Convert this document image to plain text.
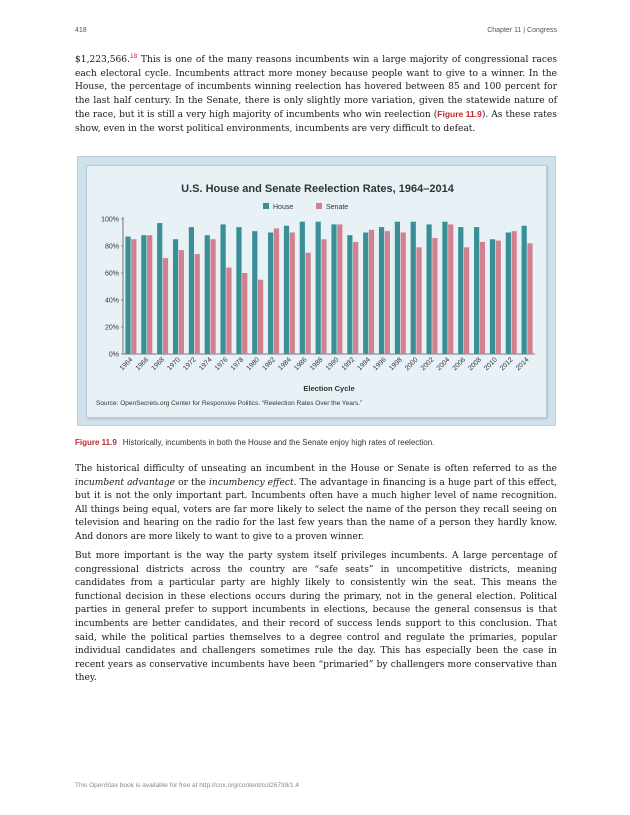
418	Chapter 11 | Congress

$1,223,566.18 This is one of the many reasons incumbents win a large majority of congressional races each electoral cycle. Incumbents attract more money because people want to give to a winner. In the House, the percentage of incumbents winning reelection has hovered between 85 and 100 percent for the last half century. In the Senate, there is only slightly more variation, given the statewide nature of the race, but it is still a very high majority of incumbents who win reelection (Figure 11.9). As these rates show, even in the worst political environments, incumbents are very difficult to defeat.

U.S. House and Senate Reelection Rates, 1964–2014
House	Senate
0%
20%
40%
60%
80%
100%
1964 1966 1968 1970 1972 1974 1976 1978 1980 1982 1984 1986 1988 1990 1992 1994 1996 1998 2000 2002 2004 2006 2008 2010 2012 2014
Election Cycle
Source: OpenSecrets.org Center for Responsive Politics. “Reelection Rates Over the Years.”
Figure 11.9 Historically, incumbents in both the House and the Senate enjoy high rates of reelection.

The historical difficulty of unseating an incumbent in the House or Senate is often referred to as the incumbent advantage or the incumbency effect. The advantage in financing is a huge part of this effect, but it is not the only important part. Incumbents often have a much higher level of name recognition. All things being equal, voters are far more likely to select the name of the person they recall seeing on television and hearing on the radio for the last few years than the name of a person they hardly know. And donors are more likely to want to give to a proven winner.

But more important is the way the party system itself privileges incumbents. A large percentage of congressional districts across the country are “safe seats” in uncompetitive districts, meaning candidates from a particular party are highly likely to consistently win the seat. This means the functional decision in these elections occurs during the primary, not in the general election. Political parties in general prefer to support incumbents in elections, because the general consensus is that incumbents are better candidates, and their record of success lends support to this conclusion. That said, while the political parties themselves to a degree control and regulate the primaries, popular individual candidates and challengers sometimes rule the day. This has especially been the case in recent years as conservative incumbents have been “primaried” by challengers more conservative than they.

This OpenStax book is available for free at http://cnx.org/content/col26739/1.4
